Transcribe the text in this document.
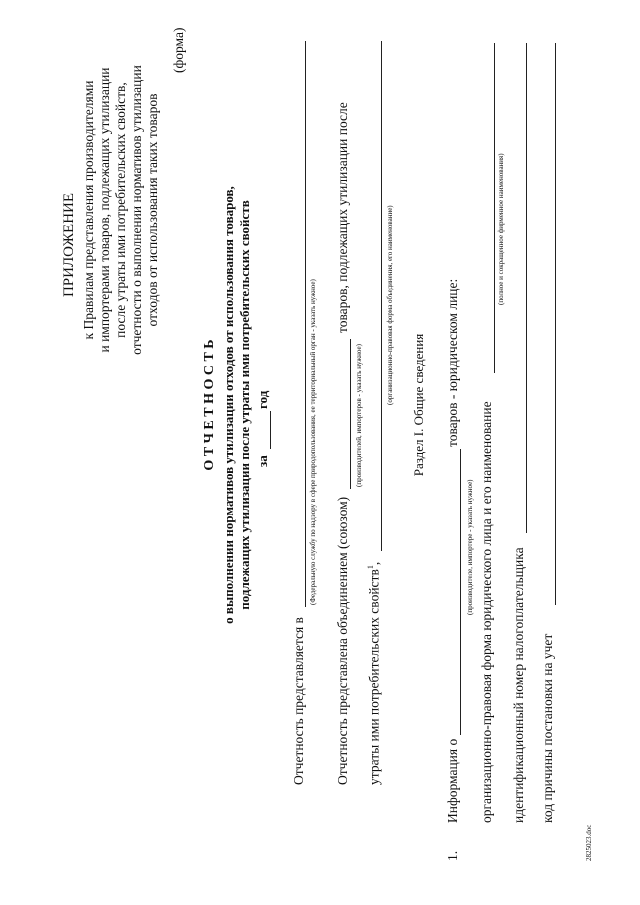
ПРИЛОЖЕНИЕ к Правилам представления производителями и импортерами товаров, подлежащих утилизации после утраты ими потребительских свойств, отчетности о выполнении нормативов утилизации отходов от использования таких товаров
(форма)
О Т Ч Е Т Н О С Т Ь о выполнении нормативов утилизации отходов от использования товаров, подлежащих утилизации после утраты ими потребительских свойств за
год
Отчетность представляется в
(Федеральную службу по надзору в сфере природопользования, ее территориальный орган - указать нужное)
Отчетность представлена объединением (союзом)
(производителей, импортеров - указать нужное)
товаров, подлежащих утилизации после
утраты ими потребительских свойств$^1$,
(организационно-правовая форма объединения, его наименование) Раздел I. Общие сведения
1.
Информация о
(производителе, импортере - указать нужное)
товаров - юридическом лице:
организационно-правовая форма юридического лица и его наименование
(полное и сокращенное фирменное наименования)
идентификационный номер налогоплательщика код причины постановки на учет
2825023.doc
